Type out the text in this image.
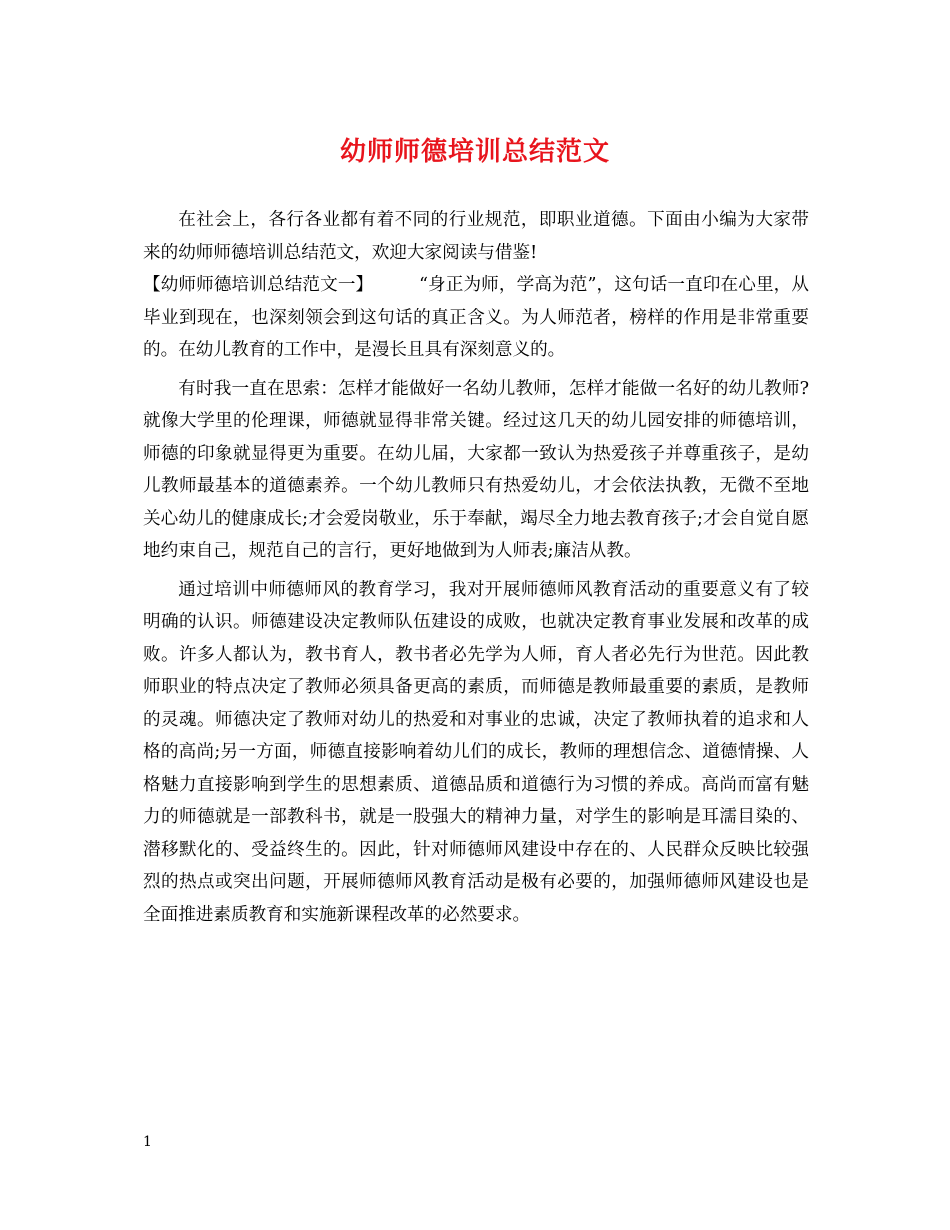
幼师师德培训总结范文

在社会上，各行各业都有着不同的行业规范，即职业道德。下面由小编为大家带来的幼师师德培训总结范文，欢迎大家阅读与借鉴!

【幼师师德培训总结范文一】	“身正为师，学高为范”，这句话一直印在心里，从毕业到现在，也深刻领会到这句话的真正含义。为人师范者，榜样的作用是非常重要的。在幼儿教育的工作中，是漫长且具有深刻意义的。

有时我一直在思索：怎样才能做好一名幼儿教师，怎样才能做一名好的幼儿教师?就像大学里的伦理课，师德就显得非常关键。经过这几天的幼儿园安排的师德培训，师德的印象就显得更为重要。在幼儿届，大家都一致认为热爱孩子并尊重孩子，是幼儿教师最基本的道德素养。一个幼儿教师只有热爱幼儿，才会依法执教，无微不至地关心幼儿的健康成长;才会爱岗敬业，乐于奉献，竭尽全力地去教育孩子;才会自觉自愿地约束自己，规范自己的言行，更好地做到为人师表;廉洁从教。

通过培训中师德师风的教育学习，我对开展师德师风教育活动的重要意义有了较明确的认识。师德建设决定教师队伍建设的成败，也就决定教育事业发展和改革的成败。许多人都认为，教书育人，教书者必先学为人师，育人者必先行为世范。因此教师职业的特点决定了教师必须具备更高的素质，而师德是教师最重要的素质，是教师的灵魂。师德决定了教师对幼儿的热爱和对事业的忠诚，决定了教师执着的追求和人格的高尚;另一方面，师德直接影响着幼儿们的成长，教师的理想信念、道德情操、人格魅力直接影响到学生的思想素质、道德品质和道德行为习惯的养成。高尚而富有魅力的师德就是一部教科书，就是一股强大的精神力量，对学生的影响是耳濡目染的、潜移默化的、受益终生的。因此，针对师德师风建设中存在的、人民群众反映比较强烈的热点或突出问题，开展师德师风教育活动是极有必要的，加强师德师风建设也是全面推进素质教育和实施新课程改革的必然要求。

1
